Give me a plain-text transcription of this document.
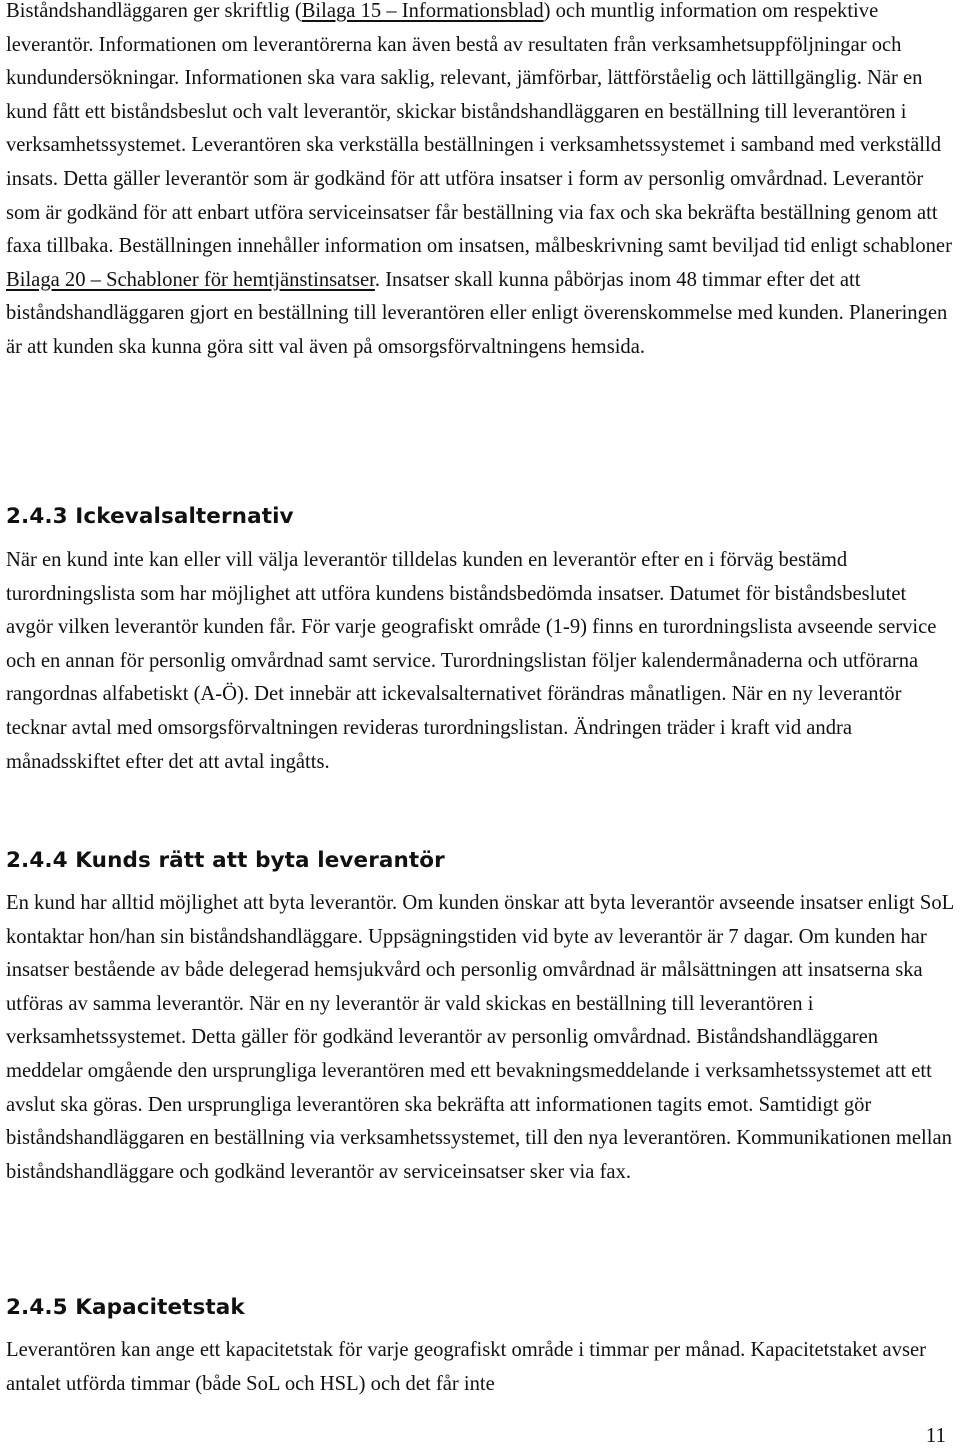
Biståndshandläggaren ger skriftlig (Bilaga 15 – Informationsblad) och muntlig information om respektive leverantör. Informationen om leverantörerna kan även bestå av resultaten från verksamhetsuppföljningar och kundundersökningar. Informationen ska vara saklig, relevant, jämförbar, lättförståelig och lättillgänglig. När en kund fått ett biståndsbeslut och valt leverantör, skickar biståndshandläggaren en beställning till leverantören i verksamhetssystemet. Leverantören ska verkställa beställningen i verksamhetssystemet i samband med verkställd insats. Detta gäller leverantör som är godkänd för att utföra insatser i form av personlig omvårdnad. Leverantör som är godkänd för att enbart utföra serviceinsatser får beställning via fax och ska bekräfta beställning genom att faxa tillbaka. Beställningen innehåller information om insatsen, målbeskrivning samt beviljad tid enligt schabloner Bilaga 20 – Schabloner för hemtjänstinsatser. Insatser skall kunna påbörjas inom 48 timmar efter det att biståndshandläggaren gjort en beställning till leverantören eller enligt överenskommelse med kunden. Planeringen är att kunden ska kunna göra sitt val även på omsorgsförvaltningens hemsida.

2.4.3 Ickevalsalternativ

När en kund inte kan eller vill välja leverantör tilldelas kunden en leverantör efter en i förväg bestämd turordningslista som har möjlighet att utföra kundens biståndsbedömda insatser. Datumet för biståndsbeslutet avgör vilken leverantör kunden får. För varje geografiskt område (1-9) finns en turordningslista avseende service och en annan för personlig omvårdnad samt service. Turordningslistan följer kalendermånaderna och utförarna rangordnas alfabetiskt (A-Ö). Det innebär att ickevalsalternativet förändras månatligen. När en ny leverantör tecknar avtal med omsorgsförvaltningen revideras turordningslistan. Ändringen träder i kraft vid andra månadsskiftet efter det att avtal ingåtts.

2.4.4 Kunds rätt att byta leverantör

En kund har alltid möjlighet att byta leverantör. Om kunden önskar att byta leverantör avseende insatser enligt SoL kontaktar hon/han sin biståndshandläggare. Uppsägningstiden vid byte av leverantör är 7 dagar. Om kunden har insatser bestående av både delegerad hemsjukvård och personlig omvårdnad är målsättningen att insatserna ska utföras av samma leverantör. När en ny leverantör är vald skickas en beställning till leverantören i verksamhetssystemet. Detta gäller för godkänd leverantör av personlig omvårdnad. Biståndshandläggaren meddelar omgående den ursprungliga leverantören med ett bevakningsmeddelande i verksamhetssystemet att ett avslut ska göras. Den ursprungliga leverantören ska bekräfta att informationen tagits emot. Samtidigt gör biståndshandläggaren en beställning via verksamhetssystemet, till den nya leverantören. Kommunikationen mellan biståndshandläggare och godkänd leverantör av serviceinsatser sker via fax.

2.4.5 Kapacitetstak

Leverantören kan ange ett kapacitetstak för varje geografiskt område i timmar per månad. Kapacitetstaket avser antalet utförda timmar (både SoL och HSL) och det får inte

11
